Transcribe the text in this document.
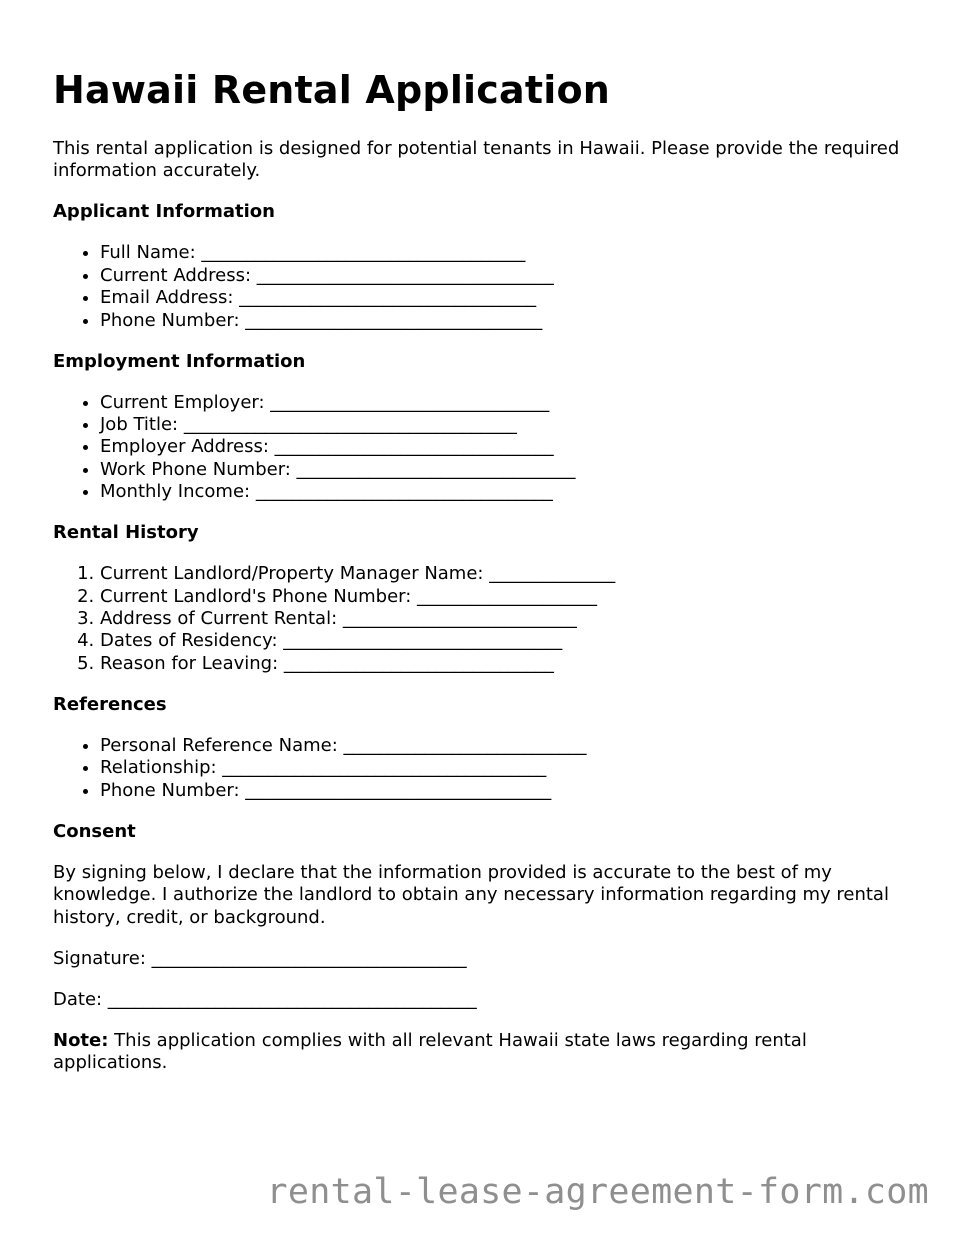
Hawaii Rental Application

This rental application is designed for potential tenants in Hawaii. Please provide the required information accurately.

Applicant Information
• Full Name: ____________________________________
• Current Address: _________________________________
• Email Address: _________________________________
• Phone Number: _________________________________
Employment Information
• Current Employer: _______________________________
• Job Title: _____________________________________
• Employer Address: _______________________________
• Work Phone Number: _______________________________
• Monthly Income: _________________________________
Rental History
1. Current Landlord/Property Manager Name: ______________
2. Current Landlord's Phone Number: ____________________
3. Address of Current Rental: __________________________
4. Dates of Residency: _______________________________
5. Reason for Leaving: ______________________________
References
• Personal Reference Name: ___________________________
• Relationship: ____________________________________
• Phone Number: __________________________________
Consent

By signing below, I declare that the information provided is accurate to the best of my knowledge. I authorize the landlord to obtain any necessary information regarding my rental history, credit, or background.

Signature: ___________________________________

Date: _________________________________________

Note: This application complies with all relevant Hawaii state laws regarding rental applications.

rental-lease-agreement-form.com
